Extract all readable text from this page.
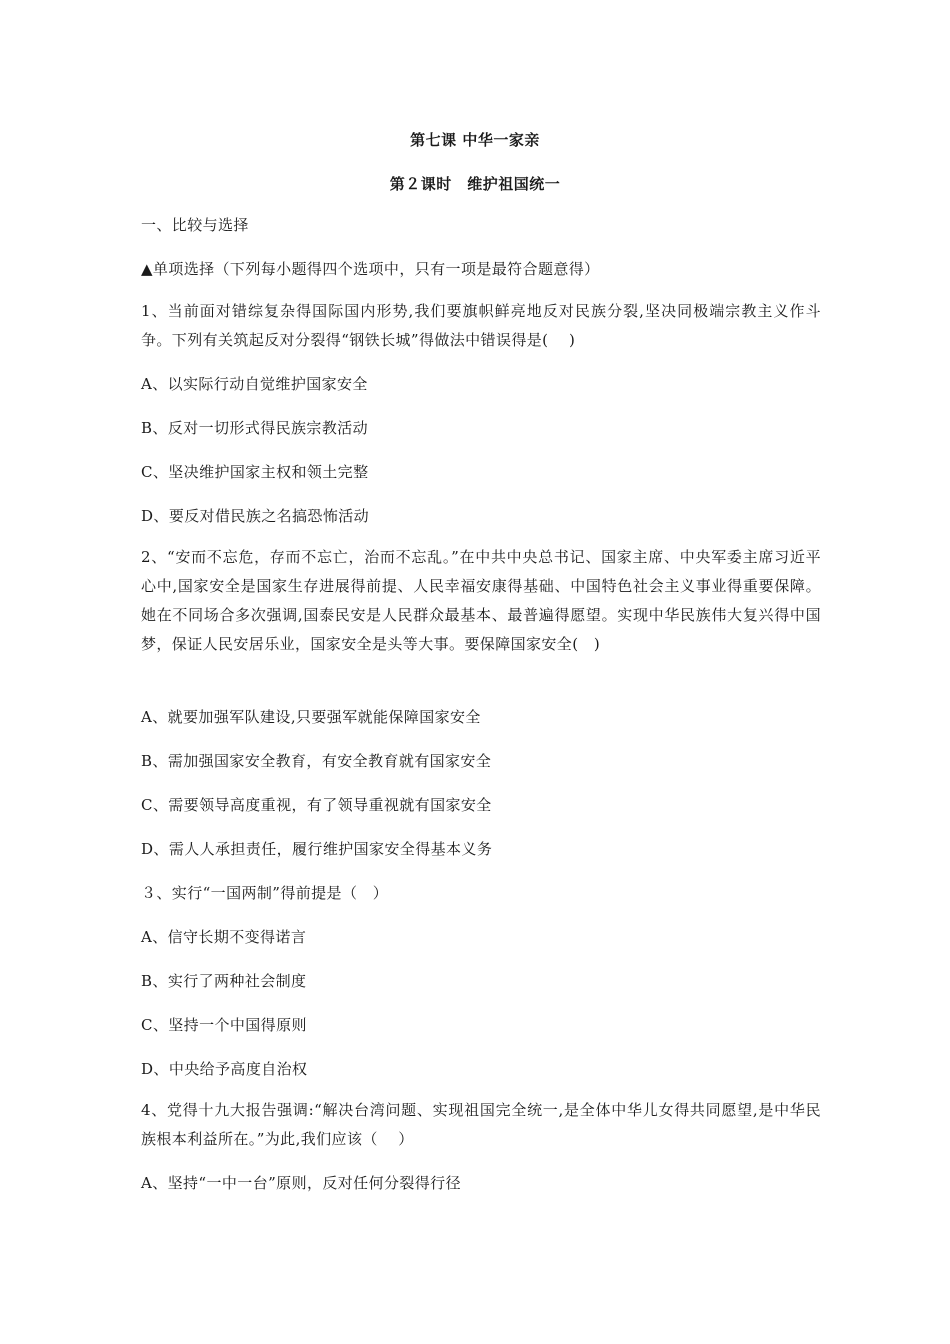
第七课 中华一家亲
第２课时　维护祖国统一
一、比较与选择
▲单项选择（下列每小题得四个选项中，只有一项是最符合题意得）
1、当前面对错综复杂得国际国内形势,我们要旗帜鲜亮地反对民族分裂,坚决同极端宗教主义作斗争。下列有关筑起反对分裂得“钢铁长城”得做法中错误得是(　 )
A、以实际行动自觉维护国家安全
B、反对一切形式得民族宗教活动
C、坚决维护国家主权和领土完整
D、要反对借民族之名搞恐怖活动
2、“安而不忘危，存而不忘亡，治而不忘乱。”在中共中央总书记、国家主席、中央军委主席习近平心中,国家安全是国家生存进展得前提、人民幸福安康得基础、中国特色社会主义事业得重要保障。她在不同场合多次强调,国泰民安是人民群众最基本、最普遍得愿望。实现中华民族伟大复兴得中国梦，保证人民安居乐业，国家安全是头等大事。要保障国家安全(　)
A、就要加强军队建设,只要强军就能保障国家安全
B、需加强国家安全教育，有安全教育就有国家安全
C、需要领导高度重视，有了领导重视就有国家安全
D、需人人承担责任，履行维护国家安全得基本义务
３、实行“一国两制”得前提是（　）
A、信守长期不变得诺言
B、实行了两种社会制度
C、坚持一个中国得原则
D、中央给予高度自治权
4、党得十九大报告强调:“解决台湾问题、实现祖国完全统一,是全体中华儿女得共同愿望,是中华民族根本利益所在。”为此,我们应该（　 ）
A、坚持“一中一台”原则，反对任何分裂得行径
